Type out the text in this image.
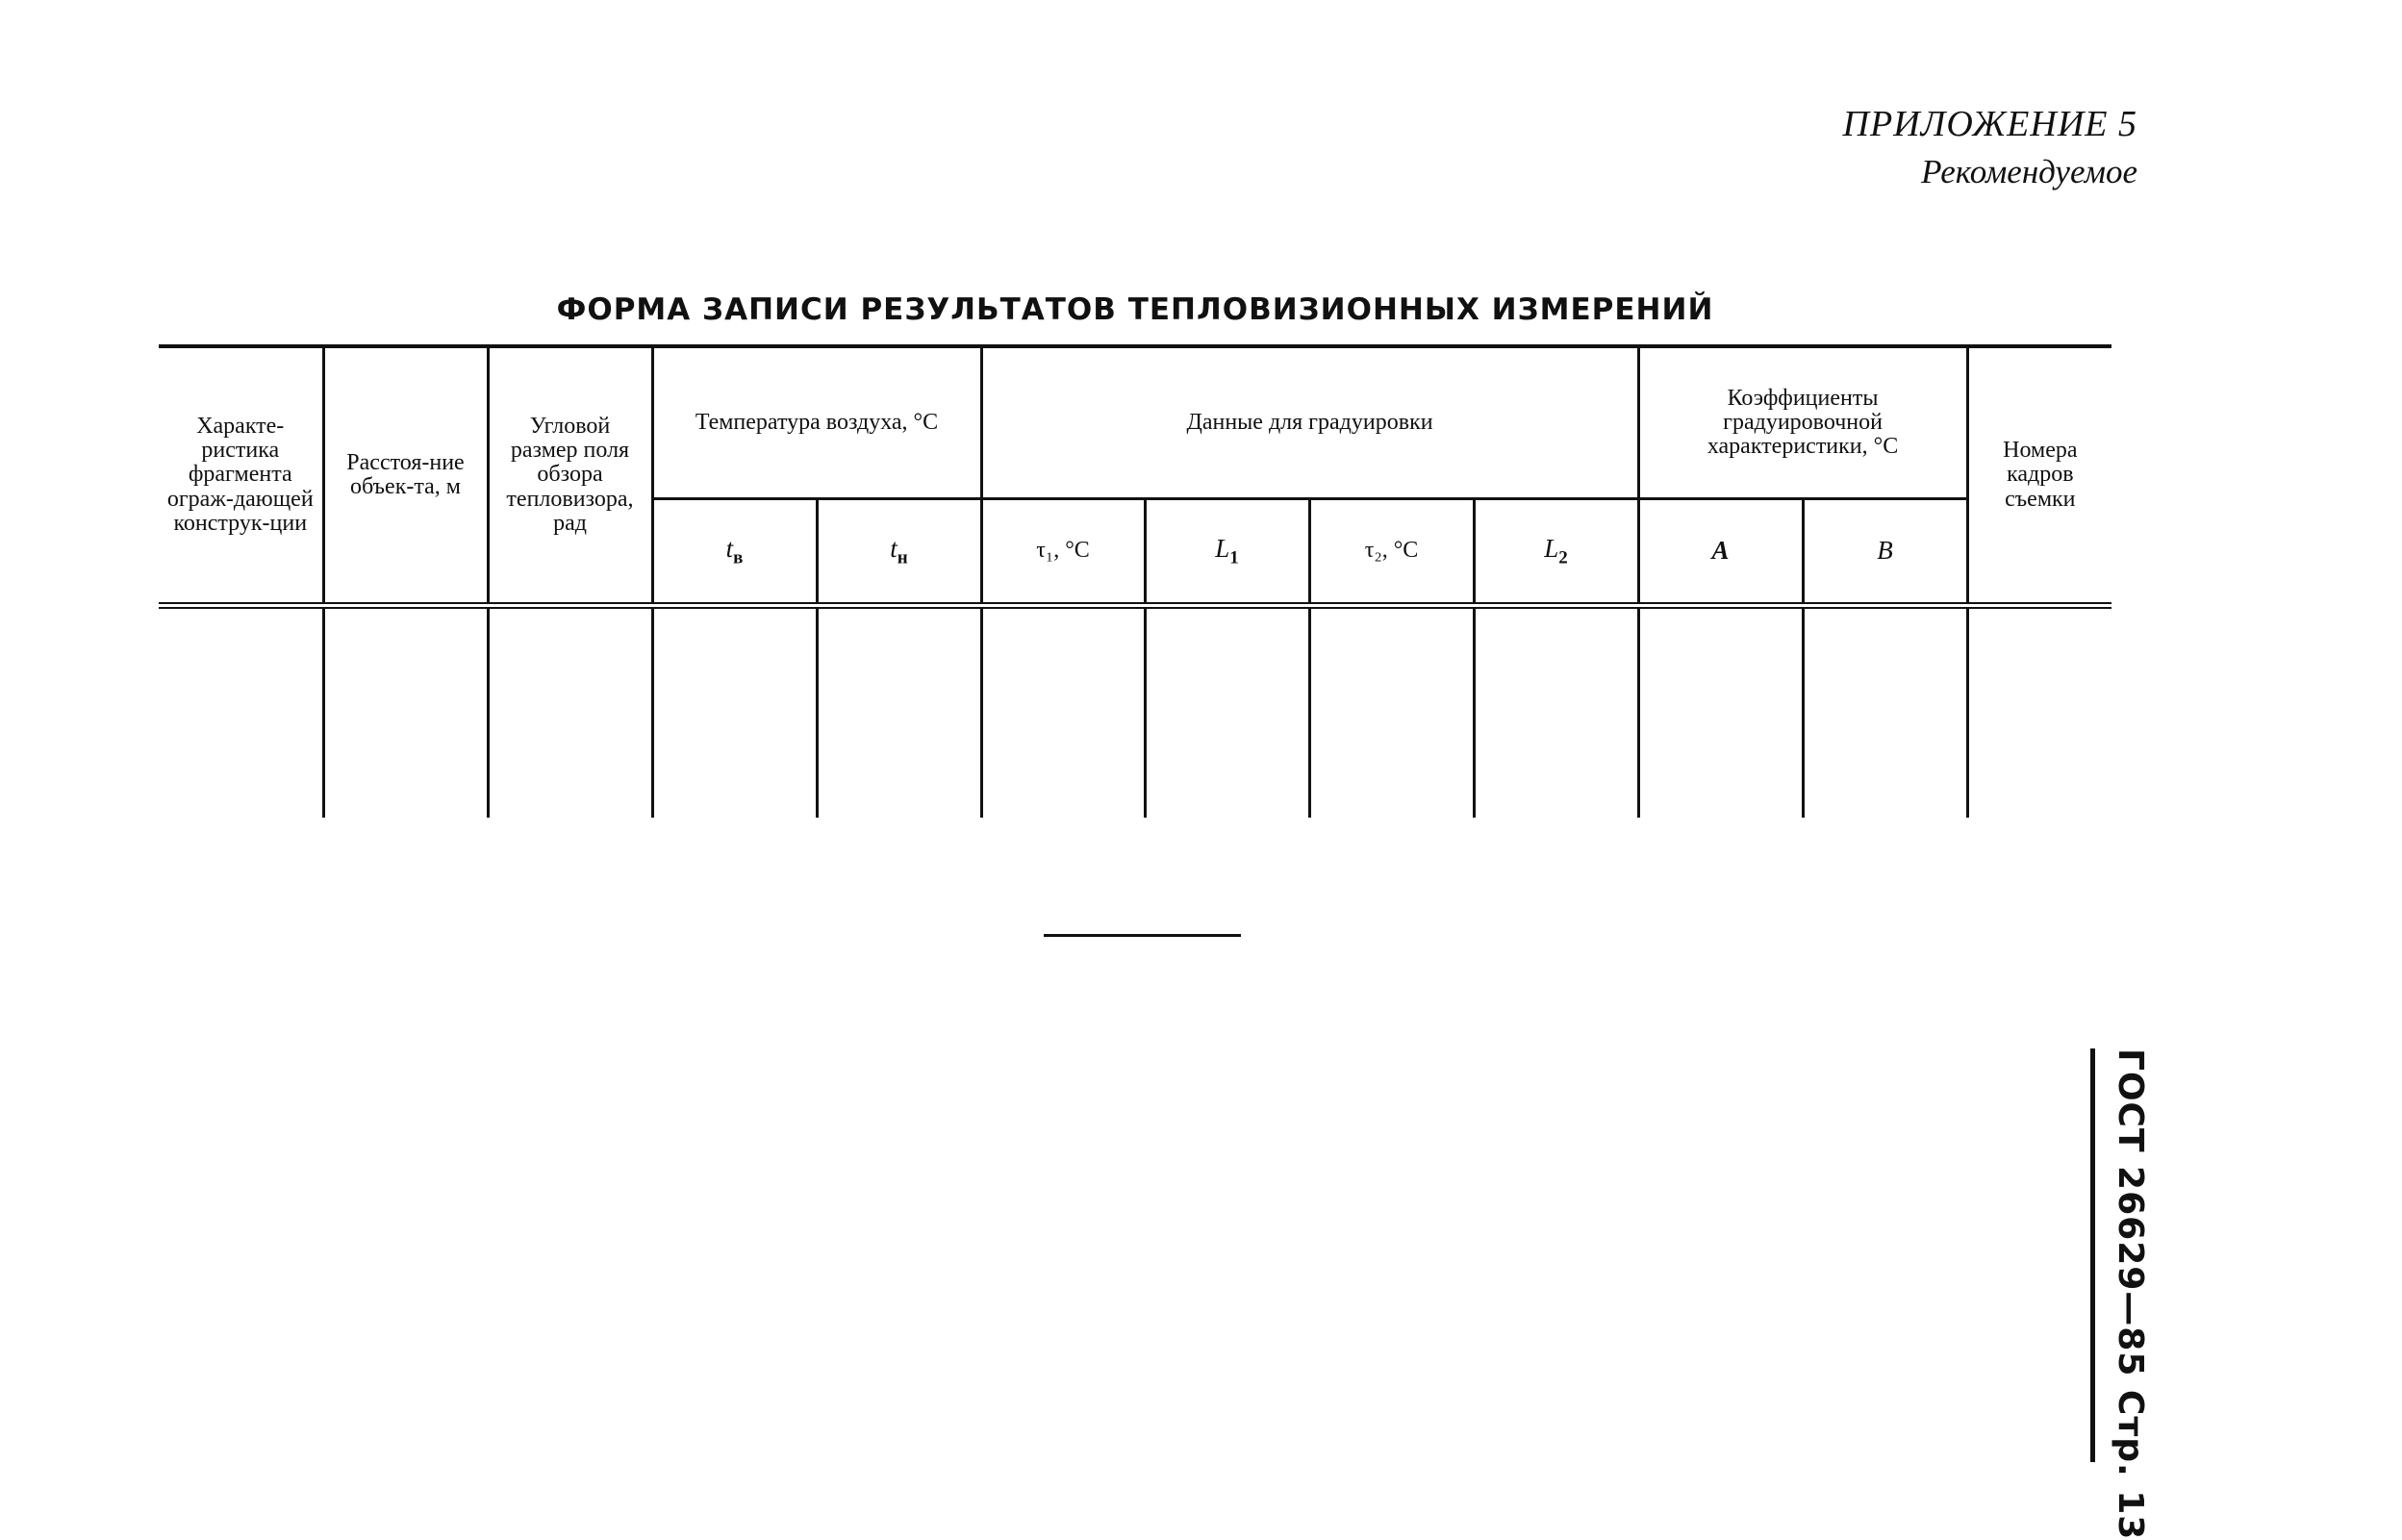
ПРИЛОЖЕНИЕ 5
Рекомендуемое
ФОРМА ЗАПИСИ РЕЗУЛЬТАТОВ ТЕПЛОВИЗИОННЫХ ИЗМЕРЕНИЙ
Характе-ристика фрагмента ограж-дающей конструк-ции	Расстоя-ние объек-та, м	Угловой размер поля обзора тепловизора, рад	Температура воздуха, °C		Данные для градуировки				Коэффициенты градуировочной характеристики, °C		Номера кадров съемки
			$t_в$	$t_н$	τ₁, °C	$L_1$	τ₂, °C	$L_2$	A	B	

ГОСТ 26629—85 Стр. 13
